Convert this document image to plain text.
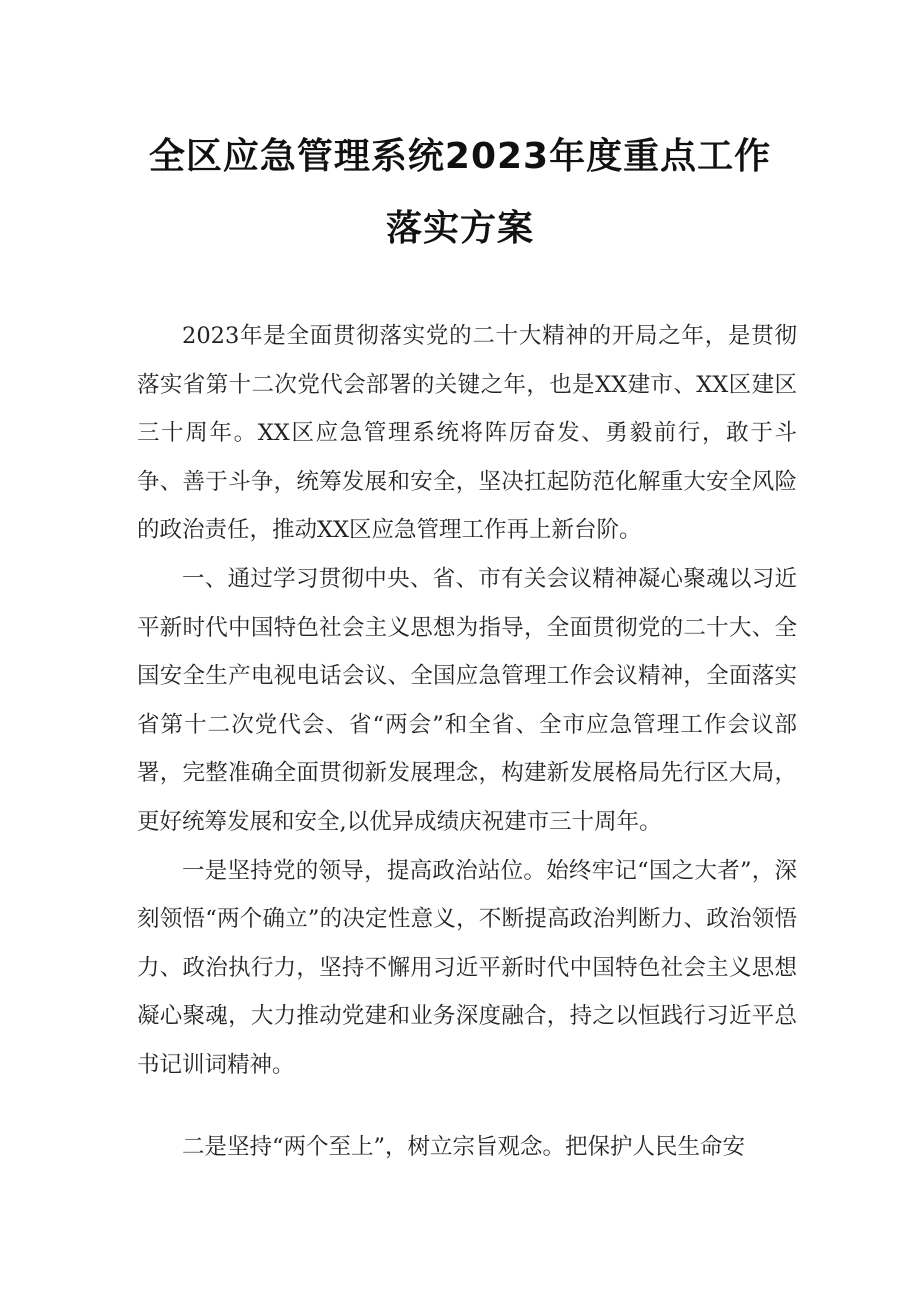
全区应急管理系统2023年度重点工作
落实方案

2023年是全面贯彻落实党的二十大精神的开局之年，是贯彻落实省第十二次党代会部署的关键之年，也是XX建市、XX区建区三十周年。XX区应急管理系统将阵厉奋发、勇毅前行，敢于斗争、善于斗争，统筹发展和安全，坚决扛起防范化解重大安全风险的政治责任，推动XX区应急管理工作再上新台阶。

一、通过学习贯彻中央、省、市有关会议精神凝心聚魂以习近平新时代中国特色社会主义思想为指导，全面贯彻党的二十大、全国安全生产电视电话会议、全国应急管理工作会议精神，全面落实省第十二次党代会、省“两会”和全省、全市应急管理工作会议部署，完整准确全面贯彻新发展理念，构建新发展格局先行区大局，更好统筹发展和安全,以优异成绩庆祝建市三十周年。

一是坚持党的领导，提高政治站位。始终牢记“国之大者”，深刻领悟“两个确立”的决定性意义，不断提高政治判断力、政治领悟力、政治执行力，坚持不懈用习近平新时代中国特色社会主义思想凝心聚魂，大力推动党建和业务深度融合，持之以恒践行习近平总书记训词精神。

二是坚持“两个至上”，树立宗旨观念。把保护人民生命安
